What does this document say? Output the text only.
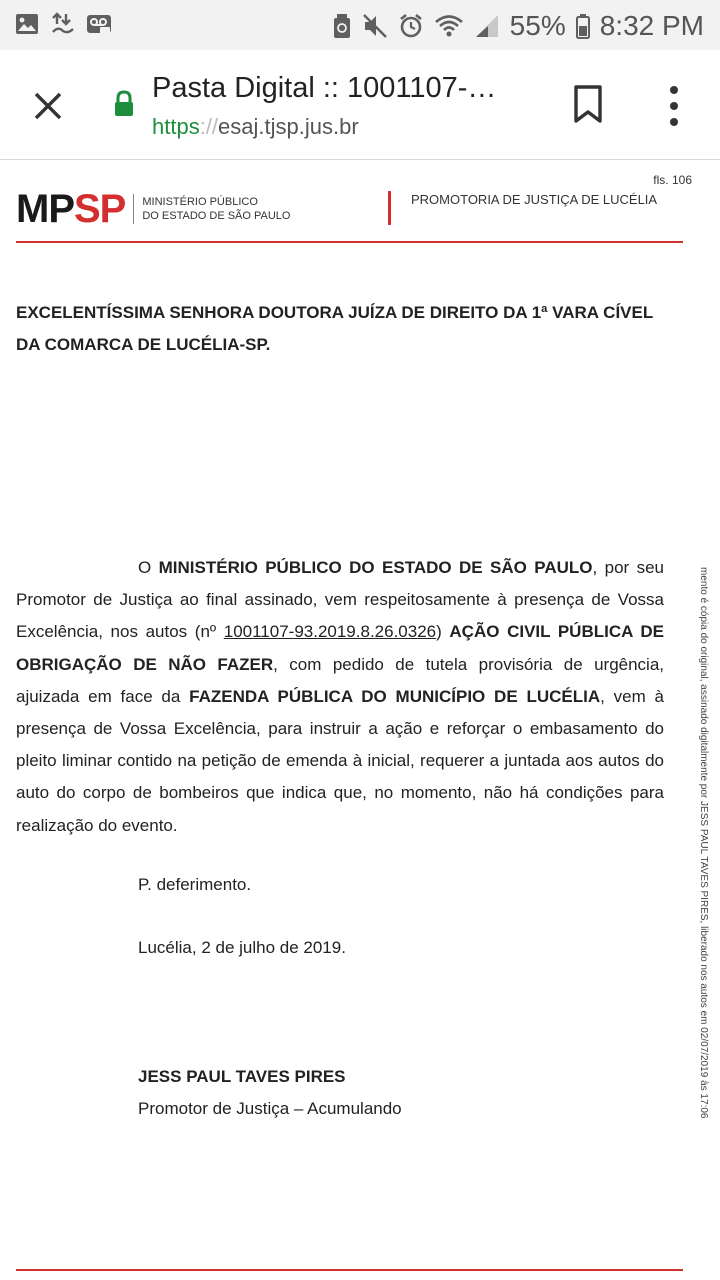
55% 8:32 PM
Pasta Digital :: 1001107-…
https://esaj.tjsp.jus.br
fls. 106
MPSP MINISTÉRIO PÚBLICO
DO ESTADO DE SÃO PAULO
PROMOTORIA DE JUSTIÇA DE LUCÉLIA
EXCELENTÍSSIMA SENHORA DOUTORA JUÍZA DE DIREITO DA 1ª VARA CÍVEL DA COMARCA DE LUCÉLIA-SP.
O MINISTÉRIO PÚBLICO DO ESTADO DE SÃO PAULO, por seu Promotor de Justiça ao final assinado, vem respeitosamente à presença de Vossa Excelência, nos autos (nº 1001107-93.2019.8.26.0326) AÇÃO CIVIL PÚBLICA DE OBRIGAÇÃO DE NÃO FAZER, com pedido de tutela provisória de urgência, ajuizada em face da FAZENDA PÚBLICA DO MUNICÍPIO DE LUCÉLIA, vem à presença de Vossa Excelência, para instruir a ação e reforçar o embasamento do pleito liminar contido na petição de emenda à inicial, requerer a juntada aos autos do auto do corpo de bombeiros que indica que, no momento, não há condições para realização do evento.
P. deferimento.
Lucélia, 2 de julho de 2019.
JESS PAUL TAVES PIRES
Promotor de Justiça – Acumulando	mento é cópia do original, assinado digitalmente por JESS PAUL TAVES PIRES, liberado nos autos em 02/07/2019 às 17:06
